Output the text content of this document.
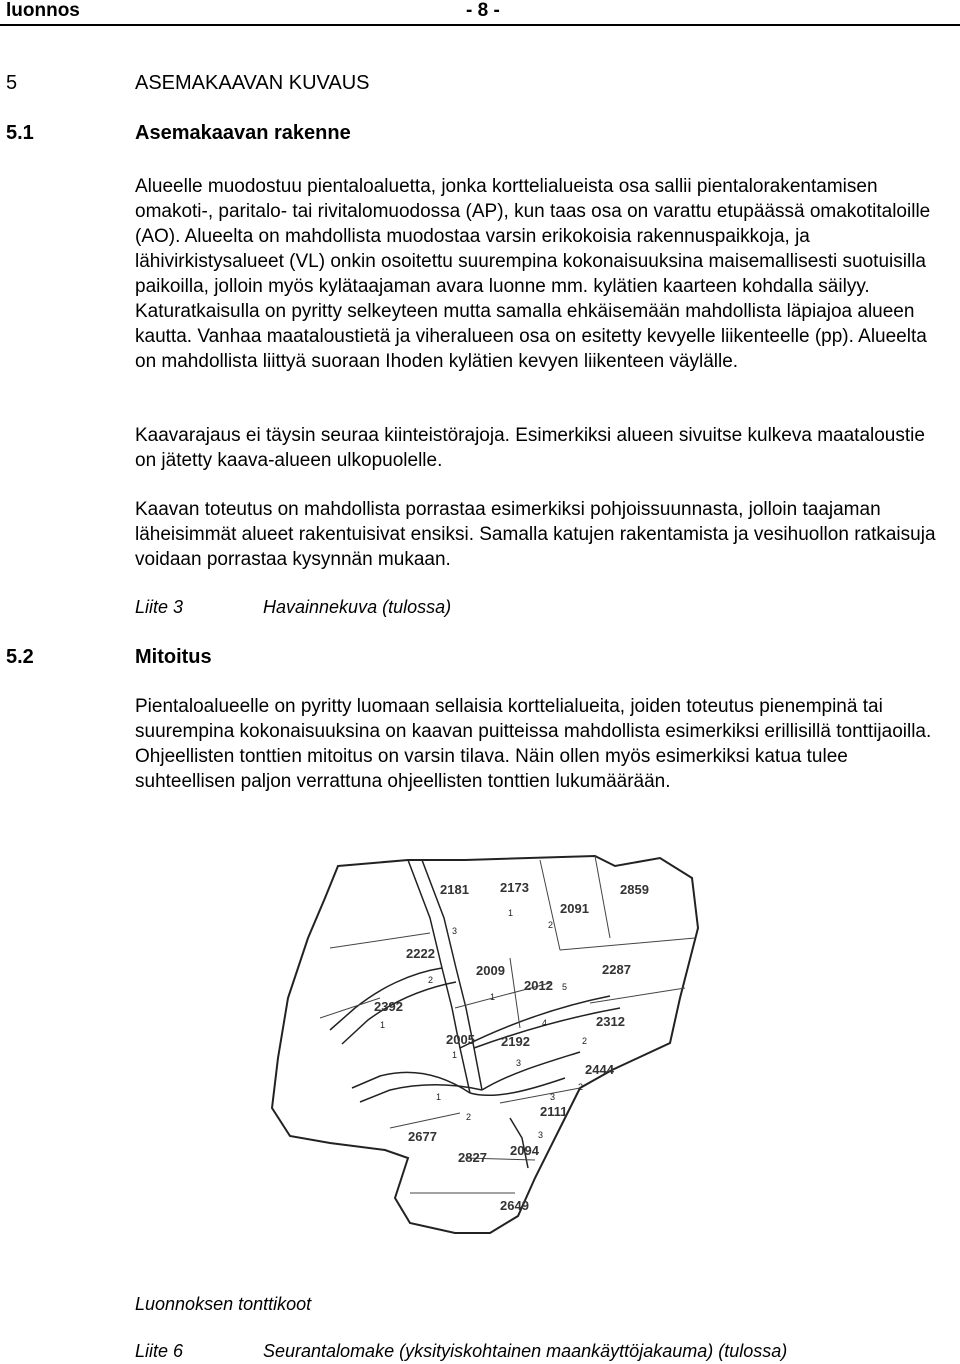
luonnos	- 8 -
5	ASEMAKAAVAN KUVAUS
5.1	Asemakaavan rakenne

Alueelle muodostuu pientaloaluetta, jonka korttelialueista osa sallii pientalorakentamisen omakoti-, paritalo- tai rivitalomuodossa (AP), kun taas osa on varattu etupäässä omakotitaloille (AO). Alueelta on mahdollista muodostaa varsin erikokoisia rakennuspaikkoja, ja lähivirkistysalueet (VL) onkin osoitettu suurempina kokonaisuuksina maisemallisesti suotuisilla paikoilla, jolloin myös kylätaajaman avara luonne mm. kylätien kaarteen kohdalla säilyy. Katuratkaisulla on pyritty selkeyteen mutta samalla ehkäisemään mahdollista läpiajoa alueen kautta. Vanhaa maataloustietä ja viheralueen osa on esitetty kevyelle liikenteelle (pp). Alueelta on mahdollista liittyä suoraan Ihoden kylätien kevyen liikenteen väylälle.

Kaavarajaus ei täysin seuraa kiinteistörajoja. Esimerkiksi alueen sivuitse kulkeva maataloustie on jätetty kaava-alueen ulkopuolelle.

Kaavan toteutus on mahdollista porrastaa esimerkiksi pohjoissuunnasta, jolloin taajaman läheisimmät alueet rakentuisivat ensiksi. Samalla katujen rakentamista ja vesihuollon ratkaisuja voidaan porrastaa kysynnän mukaan.

Liite 3	Havainnekuva (tulossa)
5.2	Mitoitus

Pientaloalueelle on pyritty luomaan sellaisia korttelialueita, joiden toteutus pienempinä tai suurempina kokonaisuuksina on kaavan puitteissa mahdollista esimerkiksi erillisillä tonttijaoilla. Ohjeellisten tonttien mitoitus on varsin tilava. Näin ollen myös esimerkiksi katua tulee suhteellisen paljon verrattuna ohjeellisten tonttien lukumäärään.

2181 2173	2859
2091
2222
2009	2287
2012
2392
2312
2005
2444
2192
2111
2677
2094
2827
2649
3
1
2
2
1
5
4
1
2
3
1
2
3
1
2
3
Luonnoksen tonttikoot
Liite 6	Seurantalomake (yksityiskohtainen maankäyttöjakauma) (tulossa)
